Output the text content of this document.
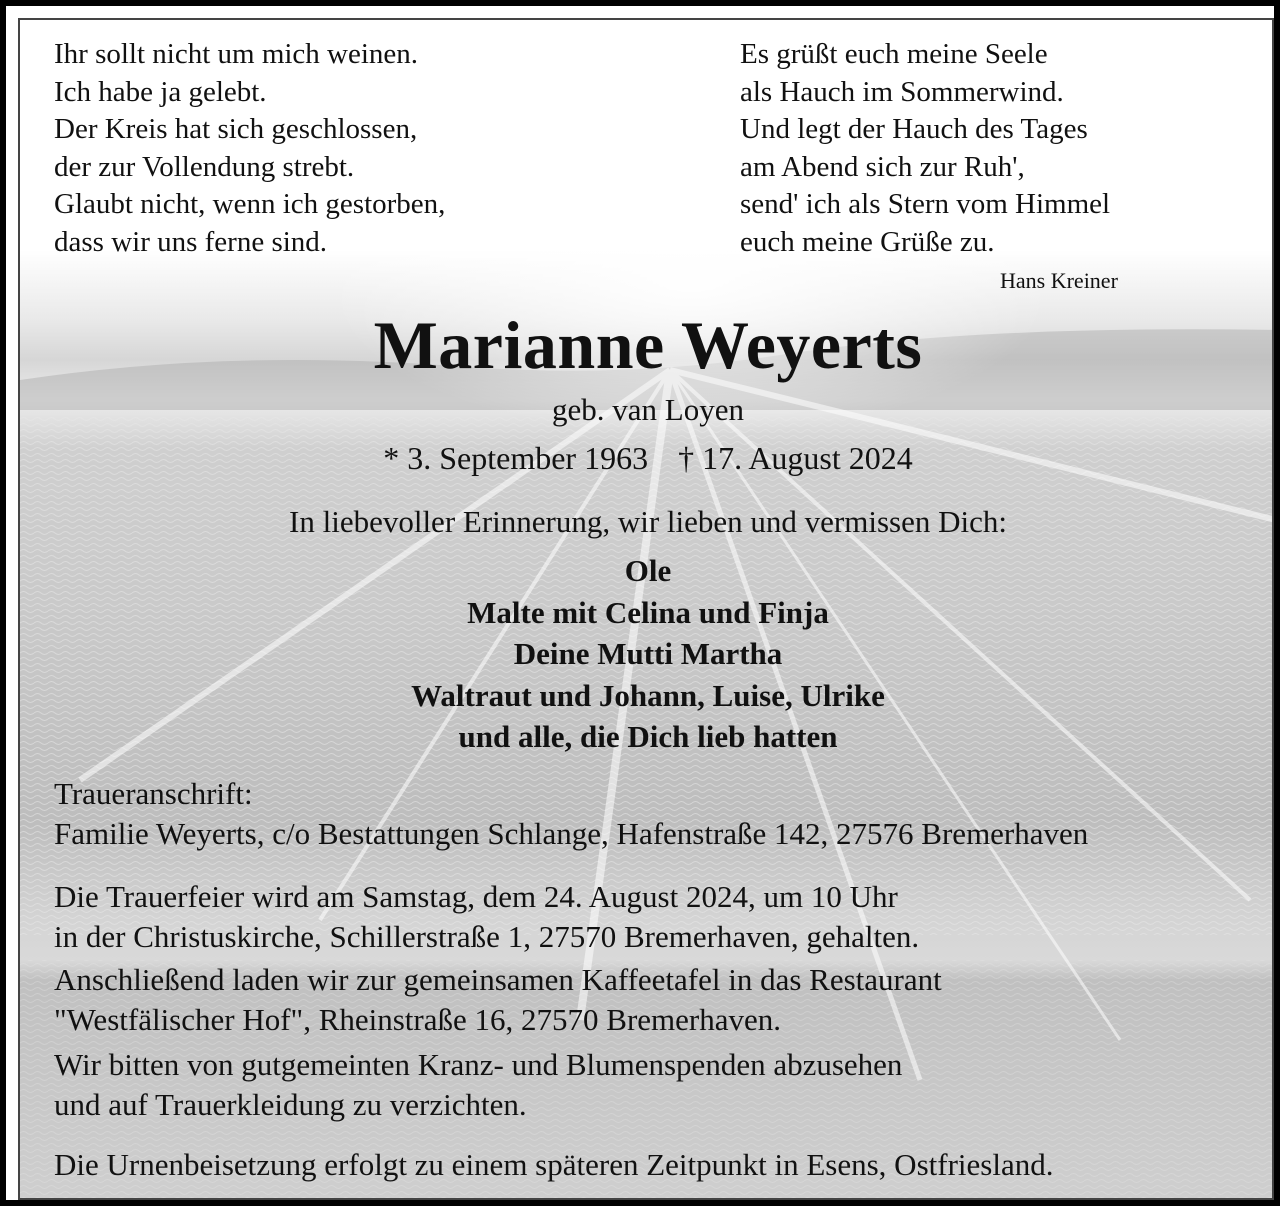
Ihr sollt nicht um mich weinen.
Ich habe ja gelebt.
Der Kreis hat sich geschlossen,
der zur Vollendung strebt.
Glaubt nicht, wenn ich gestorben,
dass wir uns ferne sind.
Es grüßt euch meine Seele
als Hauch im Sommerwind.
Und legt der Hauch des Tages
am Abend sich zur Ruh',
send' ich als Stern vom Himmel
euch meine Grüße zu.
Hans Kreiner
Marianne Weyerts
geb. van Loyen
* 3. September 1963 † 17. August 2024
In liebevoller Erinnerung, wir lieben und vermissen Dich:
Ole
Malte mit Celina und Finja
Deine Mutti Martha
Waltraut und Johann, Luise, Ulrike
und alle, die Dich lieb hatten
Traueranschrift:
Familie Weyerts, c/o Bestattungen Schlange, Hafenstraße 142, 27576 Bremerhaven
Die Trauerfeier wird am Samstag, dem 24. August 2024, um 10 Uhr
in der Christuskirche, Schillerstraße 1, 27570 Bremerhaven, gehalten.
Anschließend laden wir zur gemeinsamen Kaffeetafel in das Restaurant
"Westfälischer Hof", Rheinstraße 16, 27570 Bremerhaven.
Wir bitten von gutgemeinten Kranz- und Blumenspenden abzusehen
und auf Trauerkleidung zu verzichten.
Die Urnenbeisetzung erfolgt zu einem späteren Zeitpunkt in Esens, Ostfriesland.
